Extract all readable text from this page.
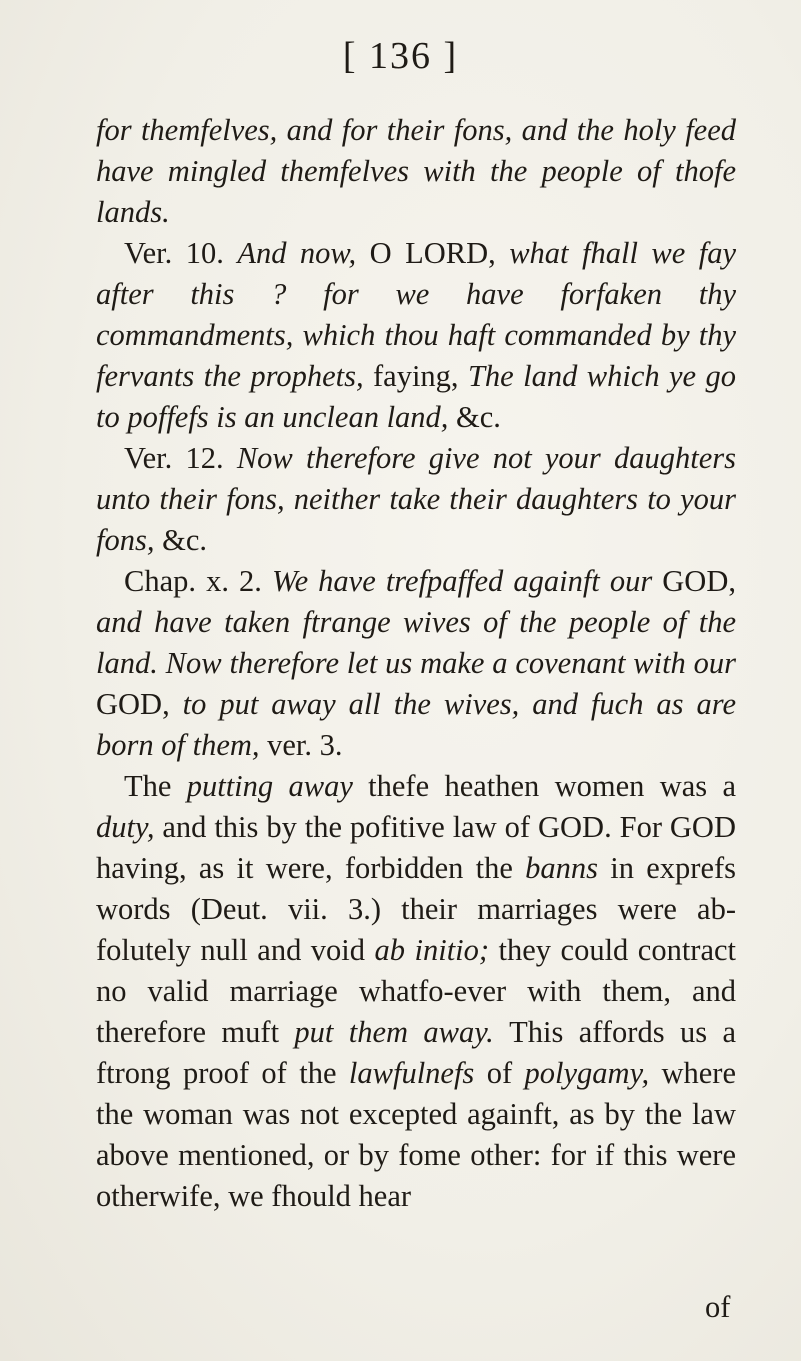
[ 136 ]

for themfelves, and for their fons, and the holy feed have mingled themfelves with the people of thofe lands.

Ver. 10. And now, O LORD, what fhall we fay after this ? for we have forfaken thy commandments, which thou haft commanded by thy fervants the prophets, faying, The land which ye go to poffefs is an unclean land, &c.

Ver. 12. Now therefore give not your daughters unto their fons, neither take their daughters to your fons, &c.

Chap. x. 2. We have trefpaffed againft our GOD, and have taken ftrange wives of the people of the land. Now therefore let us make a covenant with our GOD, to put away all the wives, and fuch as are born of them, ver. 3.

The putting away thefe heathen women was a duty, and this by the pofitive law of GOD. For GOD having, as it were, forbidden the banns in exprefs words (Deut. vii. 3.) their marriages were ab-folutely null and void ab initio; they could contract no valid marriage whatfo-ever with them, and therefore muft put them away. This affords us a ftrong proof of the lawfulnefs of polygamy, where the woman was not excepted againft, as by the law above mentioned, or by fome other: for if this were otherwife, we fhould hear

of
